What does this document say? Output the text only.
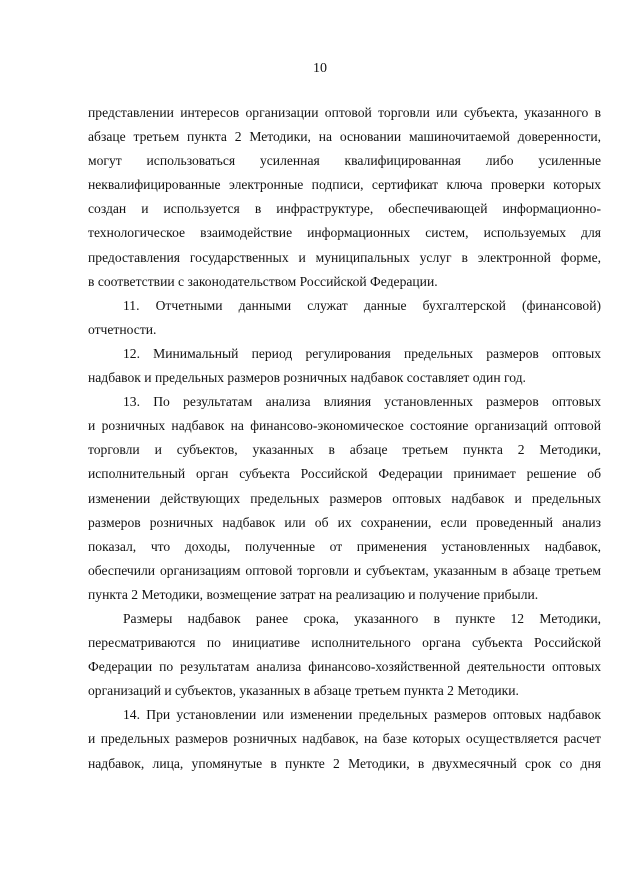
10

представлении интересов организации оптовой торговли или субъекта, указанного в
абзаце третьем пункта 2 Методики, на основании машиночитаемой доверенности,
могут использоваться усиленная квалифицированная либо усиленные
неквалифицированные электронные подписи, сертификат ключа проверки которых
создан и используется в инфраструктуре, обеспечивающей информационно-
технологическое взаимодействие информационных систем, используемых для
предоставления государственных и муниципальных услуг в электронной форме,
в соответствии с законодательством Российской Федерации.

11. Отчетными данными служат данные бухгалтерской (финансовой)
отчетности.

12. Минимальный период регулирования предельных размеров оптовых
надбавок и предельных размеров розничных надбавок составляет один год.

13. По результатам анализа влияния установленных размеров оптовых
и розничных надбавок на финансово-экономическое состояние организаций оптовой
торговли и субъектов, указанных в абзаце третьем пункта 2 Методики,
исполнительный орган субъекта Российской Федерации принимает решение об
изменении действующих предельных размеров оптовых надбавок и предельных
размеров розничных надбавок или об их сохранении, если проведенный анализ
показал, что доходы, полученные от применения установленных надбавок,
обеспечили организациям оптовой торговли и субъектам, указанным в абзаце третьем
пункта 2 Методики, возмещение затрат на реализацию и получение прибыли.

Размеры надбавок ранее срока, указанного в пункте 12 Методики,
пересматриваются по инициативе исполнительного органа субъекта Российской
Федерации по результатам анализа финансово-хозяйственной деятельности оптовых
организаций и субъектов, указанных в абзаце третьем пункта 2 Методики.

14. При установлении или изменении предельных размеров оптовых надбавок
и предельных размеров розничных надбавок, на базе которых осуществляется расчет
надбавок, лица, упомянутые в пункте 2 Методики, в двухмесячный срок со дня
